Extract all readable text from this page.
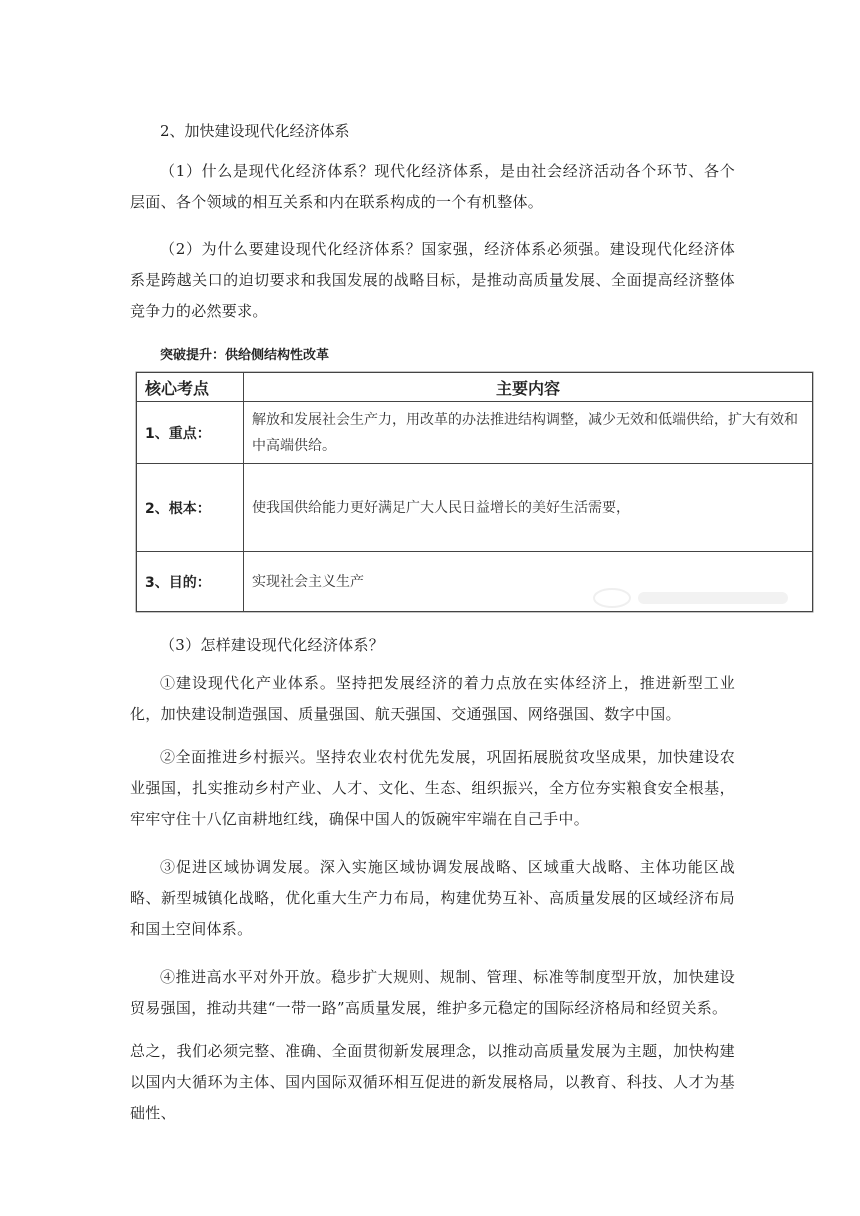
2、加快建设现代化经济体系

（1）什么是现代化经济体系？现代化经济体系，是由社会经济活动各个环节、各个层面、各个领域的相互关系和内在联系构成的一个有机整体。

（2）为什么要建设现代化经济体系？国家强，经济体系必须强。建设现代化经济体系是跨越关口的迫切要求和我国发展的战略目标，是推动高质量发展、全面提高经济整体竞争力的必然要求。

突破提升：供给侧结构性改革

核心考点	主要内容
1、重点：	解放和发展社会生产力，用改革的办法推进结构调整，减少无效和低端供给，扩大有效和中高端供给。
2、根本：	使我国供给能力更好满足广大人民日益增长的美好生活需要，
3、目的：	实现社会主义生产

（3）怎样建设现代化经济体系？

①建设现代化产业体系。坚持把发展经济的着力点放在实体经济上，推进新型工业化，加快建设制造强国、质量强国、航天强国、交通强国、网络强国、数字中国。

②全面推进乡村振兴。坚持农业农村优先发展，巩固拓展脱贫攻坚成果，加快建设农业强国，扎实推动乡村产业、人才、文化、生态、组织振兴，全方位夯实粮食安全根基，牢牢守住十八亿亩耕地红线，确保中国人的饭碗牢牢端在自己手中。

③促进区域协调发展。深入实施区域协调发展战略、区域重大战略、主体功能区战略、新型城镇化战略，优化重大生产力布局，构建优势互补、高质量发展的区域经济布局和国土空间体系。

④推进高水平对外开放。稳步扩大规则、规制、管理、标准等制度型开放，加快建设贸易强国，推动共建“一带一路”高质量发展，维护多元稳定的国际经济格局和经贸关系。

总之，我们必须完整、准确、全面贯彻新发展理念，以推动高质量发展为主题，加快构建以国内大循环为主体、国内国际双循环相互促进的新发展格局，以教育、科技、人才为基础性、
